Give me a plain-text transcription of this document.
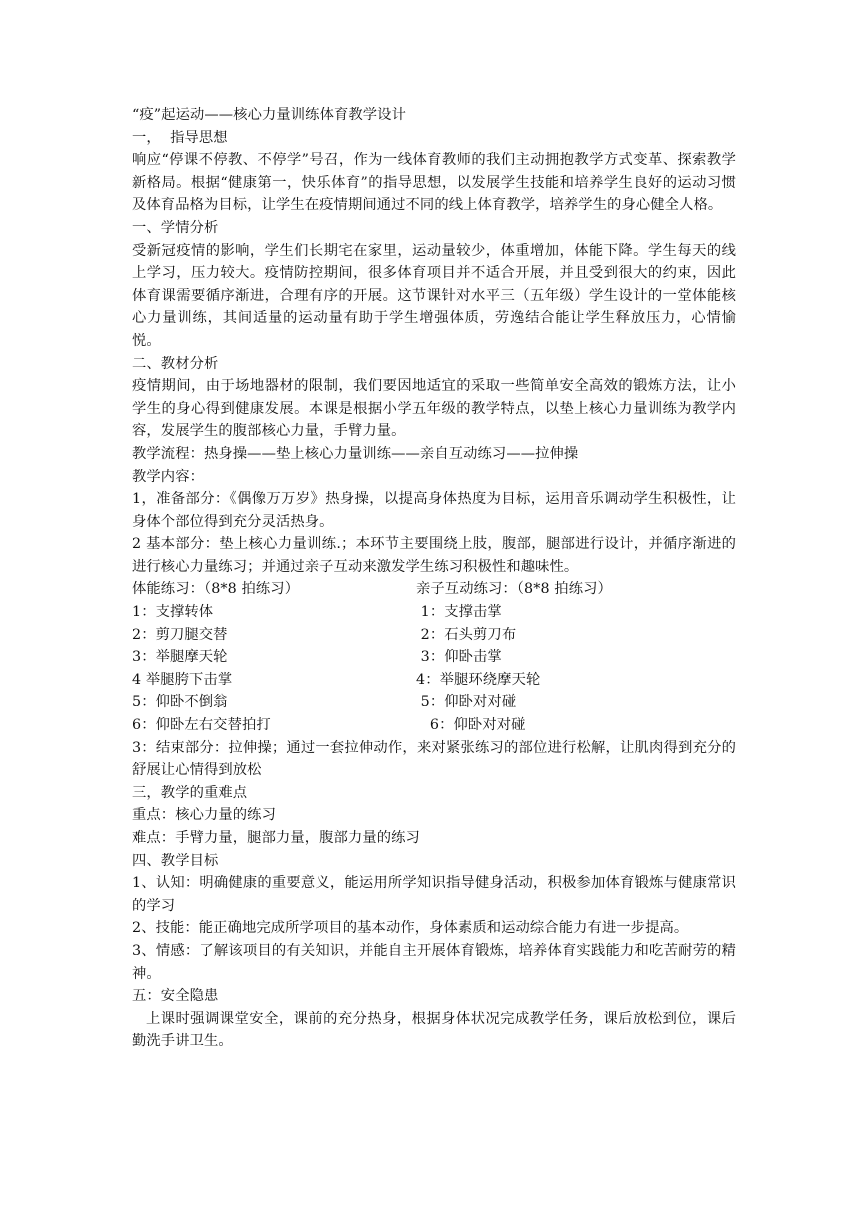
“疫”起运动——核心力量训练体育教学设计

一，  指导思想

响应“停课不停教、不停学”号召，作为一线体育教师的我们主动拥抱教学方式变革、探索教学新格局。根据“健康第一，快乐体育”的指导思想，以发展学生技能和培养学生良好的运动习惯及体育品格为目标，让学生在疫情期间通过不同的线上体育教学，培养学生的身心健全人格。

一、学情分析

受新冠疫情的影响，学生们长期宅在家里，运动量较少，体重增加，体能下降。学生每天的线上学习，压力较大。疫情防控期间，很多体育项目并不适合开展，并且受到很大的约束，因此体育课需要循序渐进，合理有序的开展。这节课针对水平三（五年级）学生设计的一堂体能核心力量训练，其间适量的运动量有助于学生增强体质，劳逸结合能让学生释放压力，心情愉悦。

二、教材分析

疫情期间，由于场地器材的限制，我们要因地适宜的采取一些简单安全高效的锻炼方法，让小学生的身心得到健康发展。本课是根据小学五年级的教学特点，以垫上核心力量训练为教学内容，发展学生的腹部核心力量，手臂力量。

教学流程：热身操——垫上核心力量训练——亲自互动练习——拉伸操

教学内容：

1，准备部分：《偶像万万岁》热身操，以提高身体热度为目标，运用音乐调动学生积极性，让身体个部位得到充分灵活热身。

2 基本部分：垫上核心力量训练.；本环节主要围绕上肢，腹部，腿部进行设计，并循序渐进的进行核心力量练习；并通过亲子互动来激发学生练习积极性和趣味性。

体能练习：（8*8 拍练习）	亲子互动练习：（8*8 拍练习）
1：支撑转体	1：支撑击掌
2：剪刀腿交替	2：石头剪刀布
3：举腿摩天轮	3：仰卧击掌
4 举腿胯下击掌	4：举腿环绕摩天轮
5：仰卧不倒翁	5：仰卧对对碰
6：仰卧左右交替拍打	6：仰卧对对碰

3：结束部分：拉伸操；通过一套拉伸动作，来对紧张练习的部位进行松解，让肌肉得到充分的舒展让心情得到放松

三，教学的重难点

重点：核心力量的练习

难点：手臂力量，腿部力量，腹部力量的练习

四、教学目标

1、认知：明确健康的重要意义，能运用所学知识指导健身活动，积极参加体育锻炼与健康常识的学习

2、技能：能正确地完成所学项目的基本动作，身体素质和运动综合能力有进一步提高。

3、情感：了解该项目的有关知识，并能自主开展体育锻炼，培养体育实践能力和吃苦耐劳的精神。

五：安全隐患

上课时强调课堂安全，课前的充分热身，根据身体状况完成教学任务，课后放松到位，课后勤洗手讲卫生。
